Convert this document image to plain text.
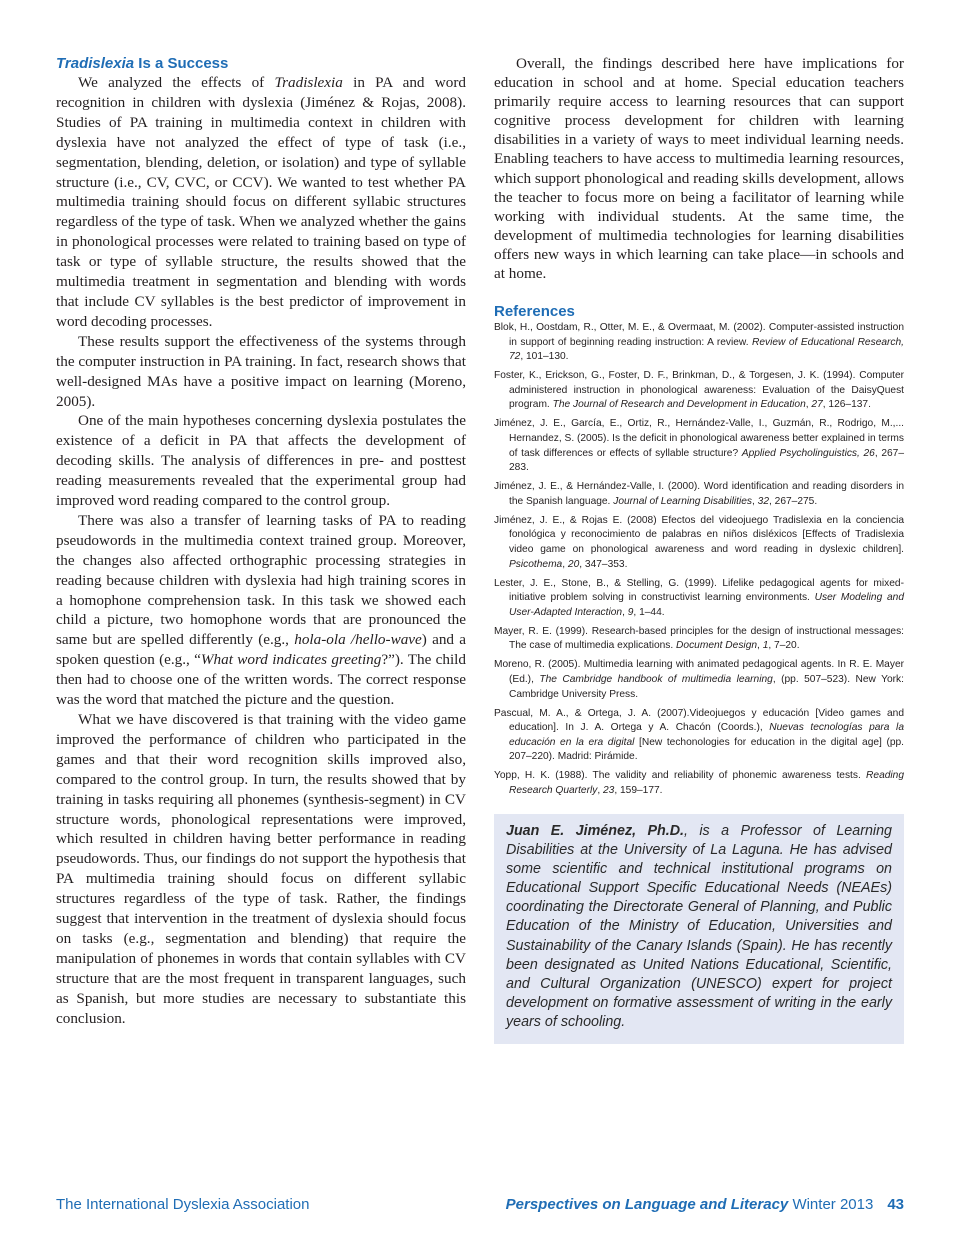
Tradislexia Is a Success

We analyzed the effects of Tradislexia in PA and word recognition in children with dyslexia (Jiménez & Rojas, 2008). Studies of PA training in multimedia context in children with dyslexia have not analyzed the effect of type of task (i.e., segmentation, blending, deletion, or isolation) and type of syllable structure (i.e., CV, CVC, or CCV). We wanted to test whether PA multimedia training should focus on different syllabic structures regardless of the type of task. When we analyzed whether the gains in phonological processes were related to training based on type of task or type of syllable structure, the results showed that the multimedia treatment in segmentation and blending with words that include CV syllables is the best predictor of improvement in word decoding processes.

These results support the effectiveness of the systems through the computer instruction in PA training. In fact, research shows that well-designed MAs have a positive impact on learning (Moreno, 2005).

One of the main hypotheses concerning dyslexia postulates the existence of a deficit in PA that affects the development of decoding skills. The analysis of differences in pre- and posttest reading measurements revealed that the experimental group had improved word reading compared to the control group.

There was also a transfer of learning tasks of PA to reading pseudowords in the multimedia context trained group. Moreover, the changes also affected orthographic processing strategies in reading because children with dyslexia had high training scores in a homophone comprehension task. In this task we showed each child a picture, two homophone words that are pronounced the same but are spelled differently (e.g., hola-ola /hello-wave) and a spoken question (e.g., “What word indicates greeting?”). The child then had to choose one of the written words. The correct response was the word that matched the picture and the question.

What we have discovered is that training with the video game improved the performance of children who participated in the games and that their word recognition skills improved also, compared to the control group. In turn, the results showed that by training in tasks requiring all phonemes (synthesis-segment) in CV structure words, phonological representations were improved, which resulted in children having better performance in reading pseudowords. Thus, our findings do not support the hypothesis that PA multimedia training should focus on different syllabic structures regardless of the type of task. Rather, the findings suggest that intervention in the treatment of dyslexia should focus on tasks (e.g., segmentation and blending) that require the manipulation of phonemes in words that contain syllables with CV structure that are the most frequent in transparent languages, such as Spanish, but more studies are necessary to substantiate this conclusion.

Overall, the findings described here have implications for education in school and at home. Special education teachers primarily require access to learning resources that can support cognitive process development for children with learning disabilities in a variety of ways to meet individual learning needs. Enabling teachers to have access to multimedia learning resources, which support phonological and reading skills development, allows the teacher to focus more on being a facilitator of learning while working with individual students. At the same time, the development of multimedia technologies for learning disabilities offers new ways in which learning can take place—in schools and at home.

References
Blok, H., Oostdam, R., Otter, M. E., & Overmaat, M. (2002). Computer-assisted instruction in support of beginning reading instruction: A review. Review of Educational Research, 72, 101–130.
Foster, K., Erickson, G., Foster, D. F., Brinkman, D., & Torgesen, J. K. (1994). Computer administered instruction in phonological awareness: Evaluation of the DaisyQuest program. The Journal of Research and Development in Education, 27, 126–137.
Jiménez, J. E., García, E., Ortiz, R., Hernández-Valle, I., Guzmán, R., Rodrigo, M.,... Hernandez, S. (2005). Is the deficit in phonological awareness better explained in terms of task differences or effects of syllable structure? Applied Psycholinguistics, 26, 267–283.
Jiménez, J. E., & Hernández-Valle, I. (2000). Word identification and reading disorders in the Spanish language. Journal of Learning Disabilities, 32, 267–275.
Jiménez, J. E., & Rojas E. (2008) Efectos del videojuego Tradislexia en la conciencia fonológica y reconocimiento de palabras en niños disléxicos [Effects of Tradislexia video game on phonological awareness and word reading in dyslexic children]. Psicothema, 20, 347–353.
Lester, J. E., Stone, B., & Stelling, G. (1999). Lifelike pedagogical agents for mixed-initiative problem solving in constructivist learning environments. User Modeling and User-Adapted Interaction, 9, 1–44.
Mayer, R. E. (1999). Research-based principles for the design of instructional messages: The case of multimedia explications. Document Design, 1, 7–20.
Moreno, R. (2005). Multimedia learning with animated pedagogical agents. In R. E. Mayer (Ed.), The Cambridge handbook of multimedia learning, (pp. 507–523). New York: Cambridge University Press.
Pascual, M. A., & Ortega, J. A. (2007).Videojuegos y educación [Video games and education]. In J. A. Ortega y A. Chacón (Coords.), Nuevas tecnologías para la educación en la era digital [New techonologies for education in the digital age] (pp. 207–220). Madrid: Pirámide.
Yopp, H. K. (1988). The validity and reliability of phonemic awareness tests. Reading Research Quarterly, 23, 159–177.
Juan E. Jiménez, Ph.D., is a Professor of Learning Disabilities at the University of La Laguna. He has advised some scientific and technical institutional programs on Educational Support Specific Educational Needs (NEAEs) coordinating the Directorate General of Planning, and Public Education of the Ministry of Education, Universities and Sustainability of the Canary Islands (Spain). He has recently been designated as United Nations Educational, Scientific, and Cultural Organization (UNESCO) expert for project development on formative assessment of writing in the early years of schooling.
The International Dyslexia Association	Perspectives on Language and Literacy Winter 2013 43
